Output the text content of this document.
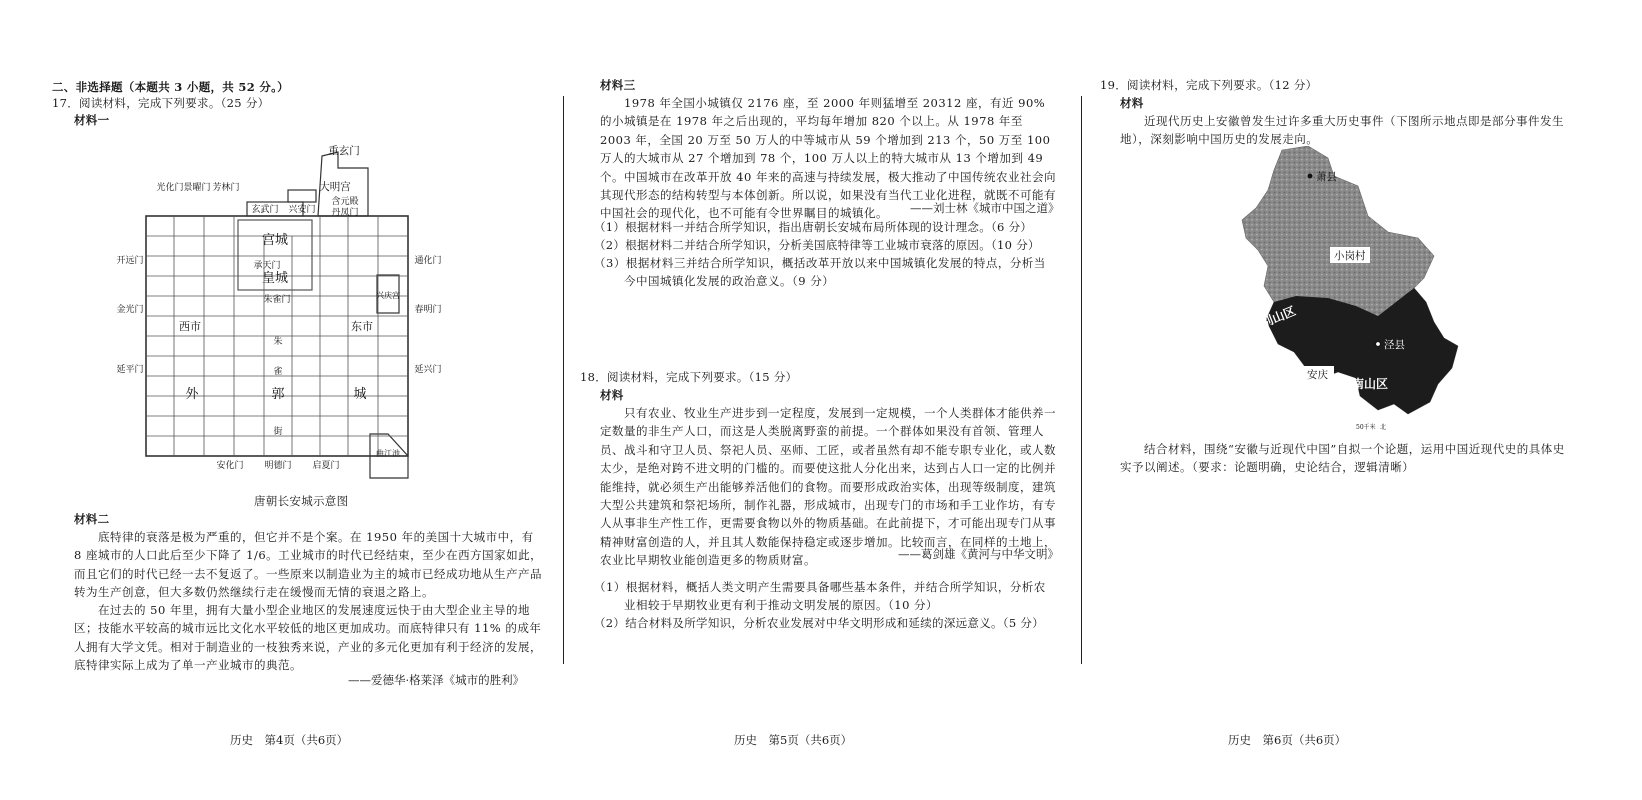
二、非选择题（本题共 3 小题，共 52 分。）
17．阅读材料，完成下列要求。（25 分）
材料一
重玄门
大明宫
含元殿
丹凤门
玄武门 兴安门
光化门 景曜门 芳林门
宫城
承天门
皇城
朱雀门
开远门
金光门
延平门
通化门
春明门
延兴门
兴庆宫
西市	东市
外	郭	城
朱
雀
街
安化门 明德门 启夏门
曲江池
唐朝长安城示意图
材料二
底特律的衰落是极为严重的，但它并不是个案。在 1950 年的美国十大城市中，有 8 座城市的人口此后至少下降了 1/6。工业城市的时代已经结束，至少在西方国家如此，而且它们的时代已经一去不复返了。一些原来以制造业为主的城市已经成功地从生产产品转为生产创意，但大多数仍然继续行走在缓慢而无情的衰退之路上。
在过去的 50 年里，拥有大量小型企业地区的发展速度远快于由大型企业主导的地区；技能水平较高的城市远比文化水平较低的地区更加成功。而底特律只有 11% 的成年人拥有大学文凭。相对于制造业的一枝独秀来说，产业的多元化更加有利于经济的发展，底特律实际上成为了单一产业城市的典范。
——爱德华·格莱泽《城市的胜利》
历史　第4页（共6页）
材料三
1978 年全国小城镇仅 2176 座，至 2000 年则猛增至 20312 座，有近 90% 的小城镇是在 1978 年之后出现的，平均每年增加 820 个以上。从 1978 年至 2003 年，全国 20 万至 50 万人的中等城市从 59 个增加到 213 个，50 万至 100 万人的大城市从 27 个增加到 78 个，100 万人以上的特大城市从 13 个增加到 49 个。中国城市在改革开放 40 年来的高速与持续发展，极大推动了中国传统农业社会向其现代形态的结构转型与本体创新。所以说，如果没有当代工业化进程，就既不可能有中国社会的现代化，也不可能有令世界瞩目的城镇化。	——刘士林《城市中国之道》
（1）根据材料一并结合所学知识，指出唐朝长安城布局所体现的设计理念。（6 分）
（2）根据材料二并结合所学知识，分析美国底特律等工业城市衰落的原因。（10 分）
（3）根据材料三并结合所学知识，概括改革开放以来中国城镇化发展的特点，分析当今中国城镇化发展的政治意义。（9 分）
18．阅读材料，完成下列要求。（15 分）
材料
只有农业、牧业生产进步到一定程度，发展到一定规模，一个人类群体才能供养一定数量的非生产人口，而这是人类脱离野蛮的前提。一个群体如果没有首领、管理人员、战斗和守卫人员、祭祀人员、巫师、工匠，或者虽然有却不能专职专业化，或人数太少，是绝对跨不进文明的门槛的。而要使这批人分化出来，达到占人口一定的比例并能维持，就必须生产出能够养活他们的食物。而要形成政治实体，出现等级制度，建筑大型公共建筑和祭祀场所，制作礼器，形成城市，出现专门的市场和手工业作坊，有专人从事非生产性工作，更需要食物以外的物质基础。在此前提下，才可能出现专门从事精神财富创造的人，并且其人数能保持稳定或逐步增加。比较而言，在同样的土地上，农业比早期牧业能创造更多的物质财富。	——葛剑雄《黄河与中华文明》
（1）根据材料，概括人类文明产生需要具备哪些基本条件，并结合所学知识，分析农业相较于早期牧业更有利于推动文明发展的原因。（10 分）
（2）结合材料及所学知识，分析农业发展对中华文明形成和延续的深远意义。（5 分）
历史　第5页（共6页）
19．阅读材料，完成下列要求。（12 分）
材料
近现代历史上安徽曾发生过许多重大历史事件（下图所示地点即是部分事件发生地），深刻影响中国历史的发展走向。
萧县
小岗村
大别山区
泾县
安庆
皖南山区
50千米 北
结合材料，围绕“安徽与近现代中国”自拟一个论题，运用中国近现代史的具体史实予以阐述。（要求：论题明确，史论结合，逻辑清晰）
历史　第6页（共6页）
